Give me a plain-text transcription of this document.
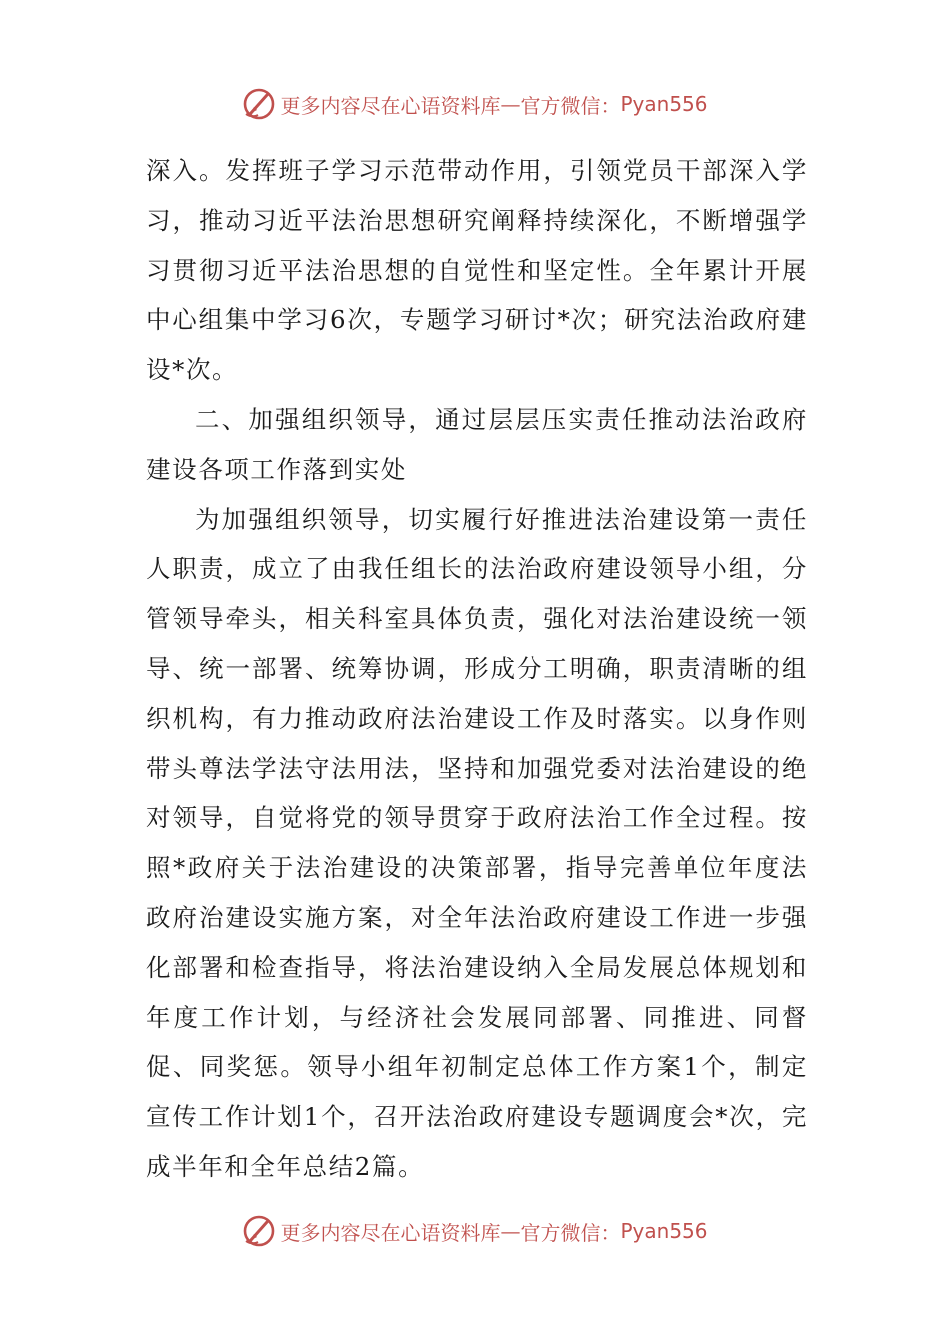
更多内容尽在心语资料库 — 官方微信： Pyan556

深入。发挥班子学习示范带动作用，引领党员干部深入学习，推动习近平法治思想研究阐释持续深化，不断增强学习贯彻习近平法治思想的自觉性和坚定性。全年累计开展中心组集中学习6次，专题学习研讨*次；研究法治政府建设*次。

二、加强组织领导，通过层层压实责任推动法治政府建设各项工作落到实处

为加强组织领导，切实履行好推进法治建设第一责任人职责，成立了由我任组长的法治政府建设领导小组，分管领导牵头，相关科室具体负责，强化对法治建设统一领导、统一部署、统筹协调，形成分工明确，职责清晰的组织机构，有力推动政府法治建设工作及时落实。以身作则带头尊法学法守法用法，坚持和加强党委对法治建设的绝对领导，自觉将党的领导贯穿于政府法治工作全过程。按照*政府关于法治建设的决策部署，指导完善单位年度法政府治建设实施方案，对全年法治政府建设工作进一步强化部署和检查指导，将法治建设纳入全局发展总体规划和年度工作计划，与经济社会发展同部署、同推进、同督促、同奖惩。领导小组年初制定总体工作方案1个，制定宣传工作计划1个，召开法治政府建设专题调度会*次，完成半年和全年总结2篇。

更多内容尽在心语资料库 — 官方微信： Pyan556
